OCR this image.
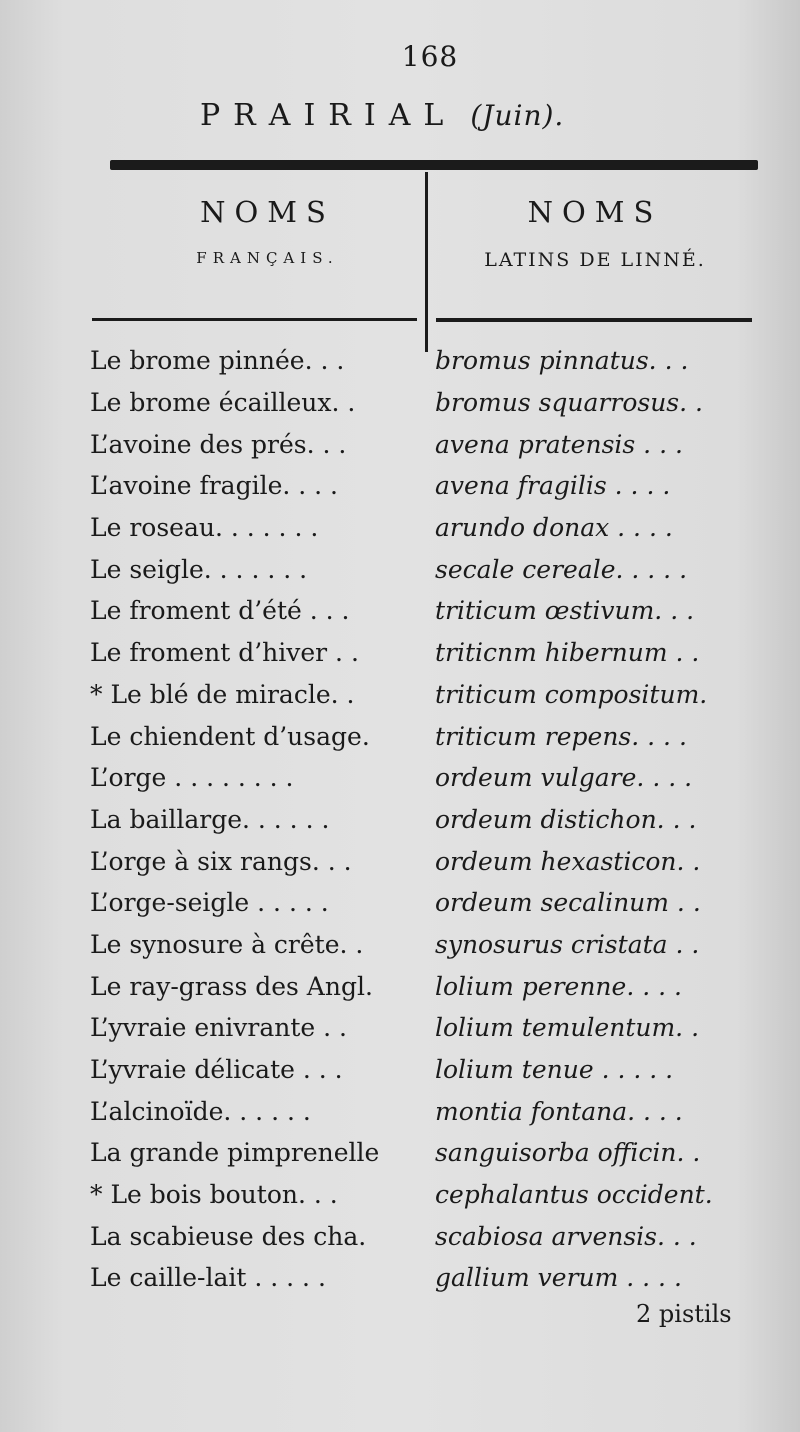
168
PRAIRIAL (Juin).
NOMS
FRANÇAIS.
NOMS
LATINS DE LINNÉ.
Le brome pinnée. . .	bromus pinnatus. . .
Le brome écailleux. .	bromus squarrosus. .
L’avoine des prés. . .	avena pratensis . . .
L’avoine fragile. . . .	avena fragilis . . . .
Le roseau. . . . . . .	arundo donax . . . .
Le seigle. . . . . . .	secale cereale. . . . .
Le froment d’été . . .	triticum œstivum. . .
Le froment d’hiver . .	triticnm hibernum . .
* Le blé de miracle. .	triticum compositum.
Le chiendent d’usage.	triticum repens. . . .
L’orge . . . . . . . .	ordeum vulgare. . . .
La baillarge. . . . . .	ordeum distichon. . .
L’orge à six rangs. . .	ordeum hexasticon. .
L’orge-seigle . . . . .	ordeum secalinum . .
Le synosure à crête. .	synosurus cristata . .
Le ray-grass des Angl.	lolium perenne. . . .
L’yvraie enivrante . .	lolium temulentum. .
L’yvraie délicate . . .	lolium tenue . . . . .
L’alcinoïde. . . . . .	montia fontana. . . .
La grande pimprenelle	sanguisorba officin. .
* Le bois bouton. . .	cephalantus occident.
La scabieuse des cha.	scabiosa arvensis. . .
Le caille-lait . . . . .	gallium verum . . . .
2 pistils
